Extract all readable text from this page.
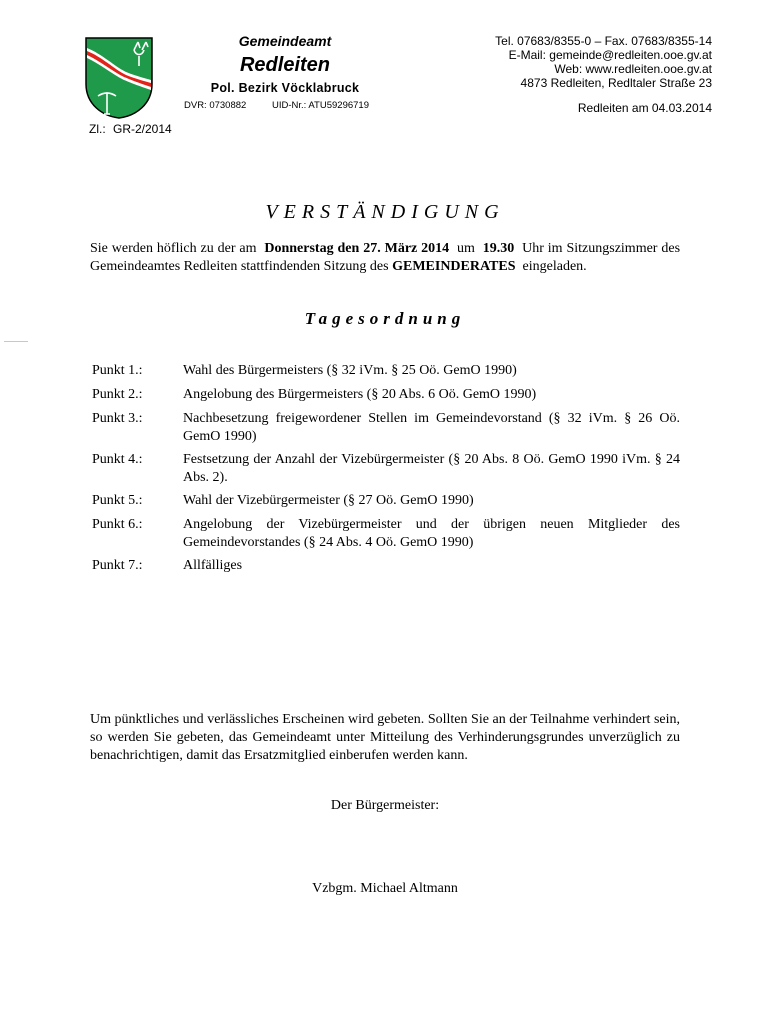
Gemeindeamt
Redleiten
Pol. Bezirk Vöcklabruck
DVR: 0730882	UID-Nr.: ATU59296719
Tel. 07683/8355-0 – Fax. 07683/8355-14
E-Mail: gemeinde@redleiten.ooe.gv.at
Web: www.redleiten.ooe.gv.at
4873 Redleiten, Redltaler Straße 23
Redleiten am 04.03.2014
Zl.: GR-2/2014
VERSTÄNDIGUNG
Sie werden höflich zu der am Donnerstag den 27. März 2014 um 19.30 Uhr im Sitzungszimmer des Gemeindeamtes Redleiten stattfindenden Sitzung des GEMEINDERATES eingeladen.
Tagesordnung
Punkt 1.:	Wahl des Bürgermeisters (§ 32 iVm. § 25 Oö. GemO 1990)
Punkt 2.:	Angelobung des Bürgermeisters (§ 20 Abs. 6 Oö. GemO 1990)
Punkt 3.:	Nachbesetzung freigewordener Stellen im Gemeindevorstand (§ 32 iVm. § 26 Oö. GemO 1990)
Punkt 4.:	Festsetzung der Anzahl der Vizebürgermeister (§ 20 Abs. 8 Oö. GemO 1990 iVm. § 24 Abs. 2).
Punkt 5.:	Wahl der Vizebürgermeister (§ 27 Oö. GemO 1990)
Punkt 6.:	Angelobung der Vizebürgermeister und der übrigen neuen Mitglieder des Gemeindevorstandes (§ 24 Abs. 4 Oö. GemO 1990)
Punkt 7.:	Allfälliges
Um pünktliches und verlässliches Erscheinen wird gebeten. Sollten Sie an der Teilnahme verhindert sein, so werden Sie gebeten, das Gemeindeamt unter Mitteilung des Verhinderungsgrundes unverzüglich zu benachrichtigen, damit das Ersatzmitglied einberufen werden kann.
Der Bürgermeister:
Vzbgm. Michael Altmann
